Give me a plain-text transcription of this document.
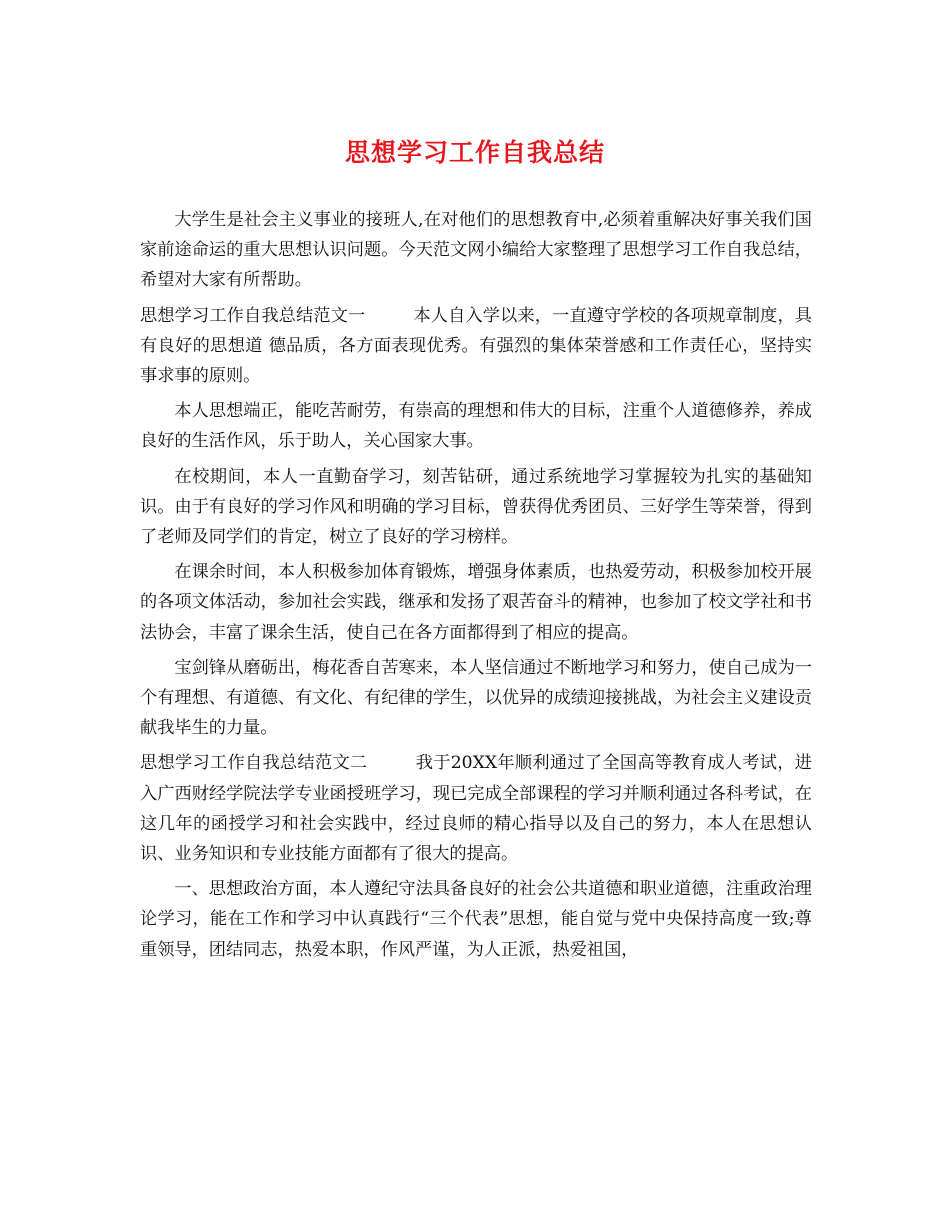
思想学习工作自我总结

大学生是社会主义事业的接班人,在对他们的思想教育中,必须着重解决好事关我们国家前途命运的重大思想认识问题。今天范文网小编给大家整理了思想学习工作自我总结，希望对大家有所帮助。

思想学习工作自我总结范文一	本人自入学以来，一直遵守学校的各项规章制度，具有良好的思想道 德品质，各方面表现优秀。有强烈的集体荣誉感和工作责任心，坚持实事求事的原则。

本人思想端正，能吃苦耐劳，有崇高的理想和伟大的目标，注重个人道德修养，养成良好的生活作风，乐于助人，关心国家大事。

在校期间，本人一直勤奋学习，刻苦钻研，通过系统地学习掌握较为扎实的基础知识。由于有良好的学习作风和明确的学习目标，曾获得优秀团员、三好学生等荣誉，得到了老师及同学们的肯定，树立了良好的学习榜样。

在课余时间，本人积极参加体育锻炼，增强身体素质，也热爱劳动，积极参加校开展的各项文体活动，参加社会实践，继承和发扬了艰苦奋斗的精神，也参加了校文学社和书法协会，丰富了课余生活，使自己在各方面都得到了相应的提高。

宝剑锋从磨砺出，梅花香自苦寒来，本人坚信通过不断地学习和努力，使自己成为一个有理想、有道德、有文化、有纪律的学生，以优异的成绩迎接挑战，为社会主义建设贡献我毕生的力量。

思想学习工作自我总结范文二	我于20XX年顺利通过了全国高等教育成人考试，进入广西财经学院法学专业函授班学习，现已完成全部课程的学习并顺利通过各科考试，在这几年的函授学习和社会实践中，经过良师的精心指导以及自己的努力，本人在思想认识、业务知识和专业技能方面都有了很大的提高。

一、思想政治方面，本人遵纪守法具备良好的社会公共道德和职业道德，注重政治理论学习，能在工作和学习中认真践行“三个代表”思想，能自觉与党中央保持高度一致;尊重领导，团结同志，热爱本职，作风严谨，为人正派，热爱祖国，
